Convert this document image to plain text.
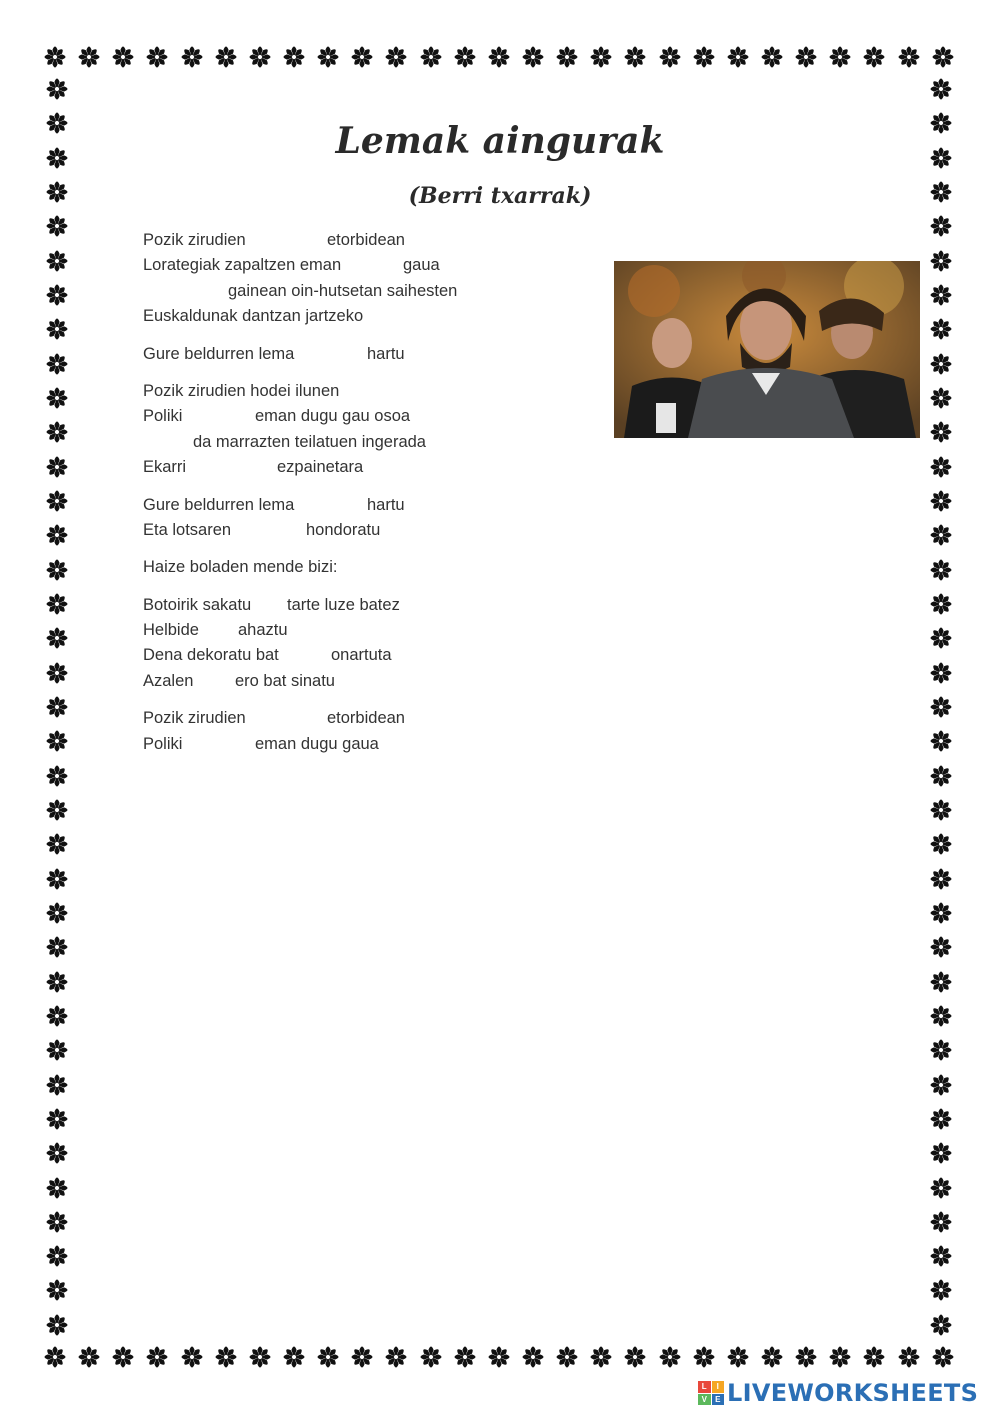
Lemak aingurak
(Berri txarrak)
Pozik zirudien	etorbidean
Lorategiak zapaltzen eman	gaua
gainean oin-hutsetan saihesten
Euskaldunak dantzan jartzeko
Gure beldurren lema	hartu
Pozik zirudien hodei ilunen
Poliki	eman dugu gau osoa
da marrazten teilatuen ingerada
Ekarri	ezpainetara
Gure beldurren lema	hartu
Eta lotsaren	hondoratu
Haize boladen mende bizi:
Botoirik sakatu tarte luze batez
Helbide ahaztu
Dena dekoratu bat	onartuta
Azalen	ero bat sinatu
Pozik zirudien	etorbidean
Poliki	eman dugu gaua
L	I
V	E LIVEWORKSHEETS
